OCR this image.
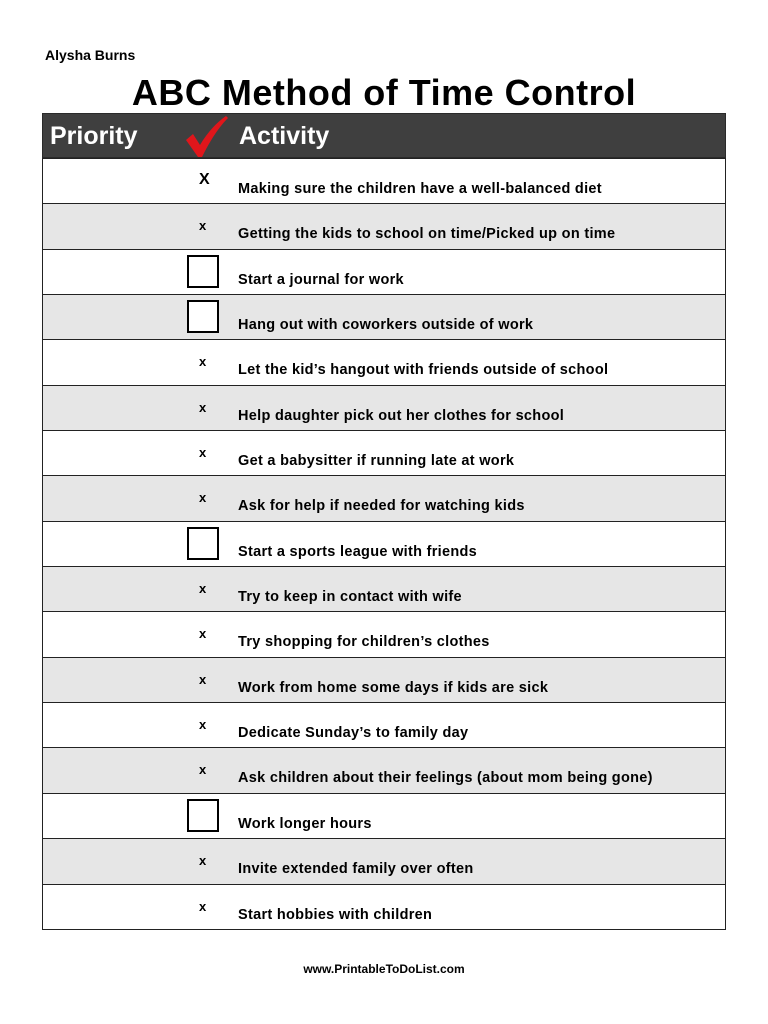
Alysha Burns
ABC Method of Time Control
Priority	Activity
X
Making sure the children have a well-balanced diet
x
Getting the kids to school on time/Picked up on time
Start a journal for work
Hang out with coworkers outside of work
x
Let the kid’s hangout with friends outside of school
x
Help daughter pick out her clothes for school
x
Get a babysitter if running late at work
x
Ask for help if needed for watching kids
Start a sports league with friends
x
Try to keep in contact with wife
x
Try shopping for children’s clothes
x
Work from home some days if kids are sick
x
Dedicate Sunday’s to family day
x
Ask children about their feelings (about mom being gone)
Work longer hours
x
Invite extended family over often
x
Start hobbies with children
www.PrintableToDoList.com
